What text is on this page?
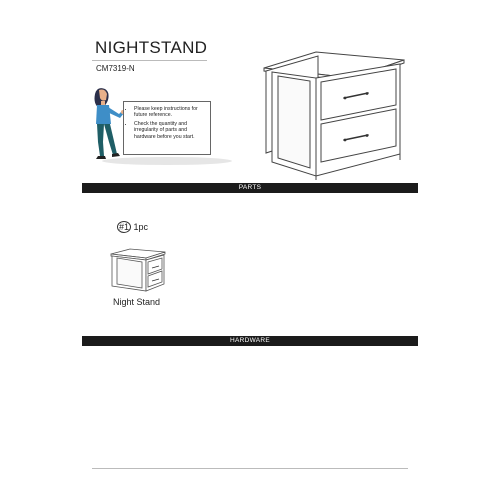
NIGHTSTAND
CM7319-N
• Please keep instructions for future reference.
• Check the quantity and irregularity of parts and hardware before you start.
PARTS
#1 1pc
Night Stand
HARDWARE
